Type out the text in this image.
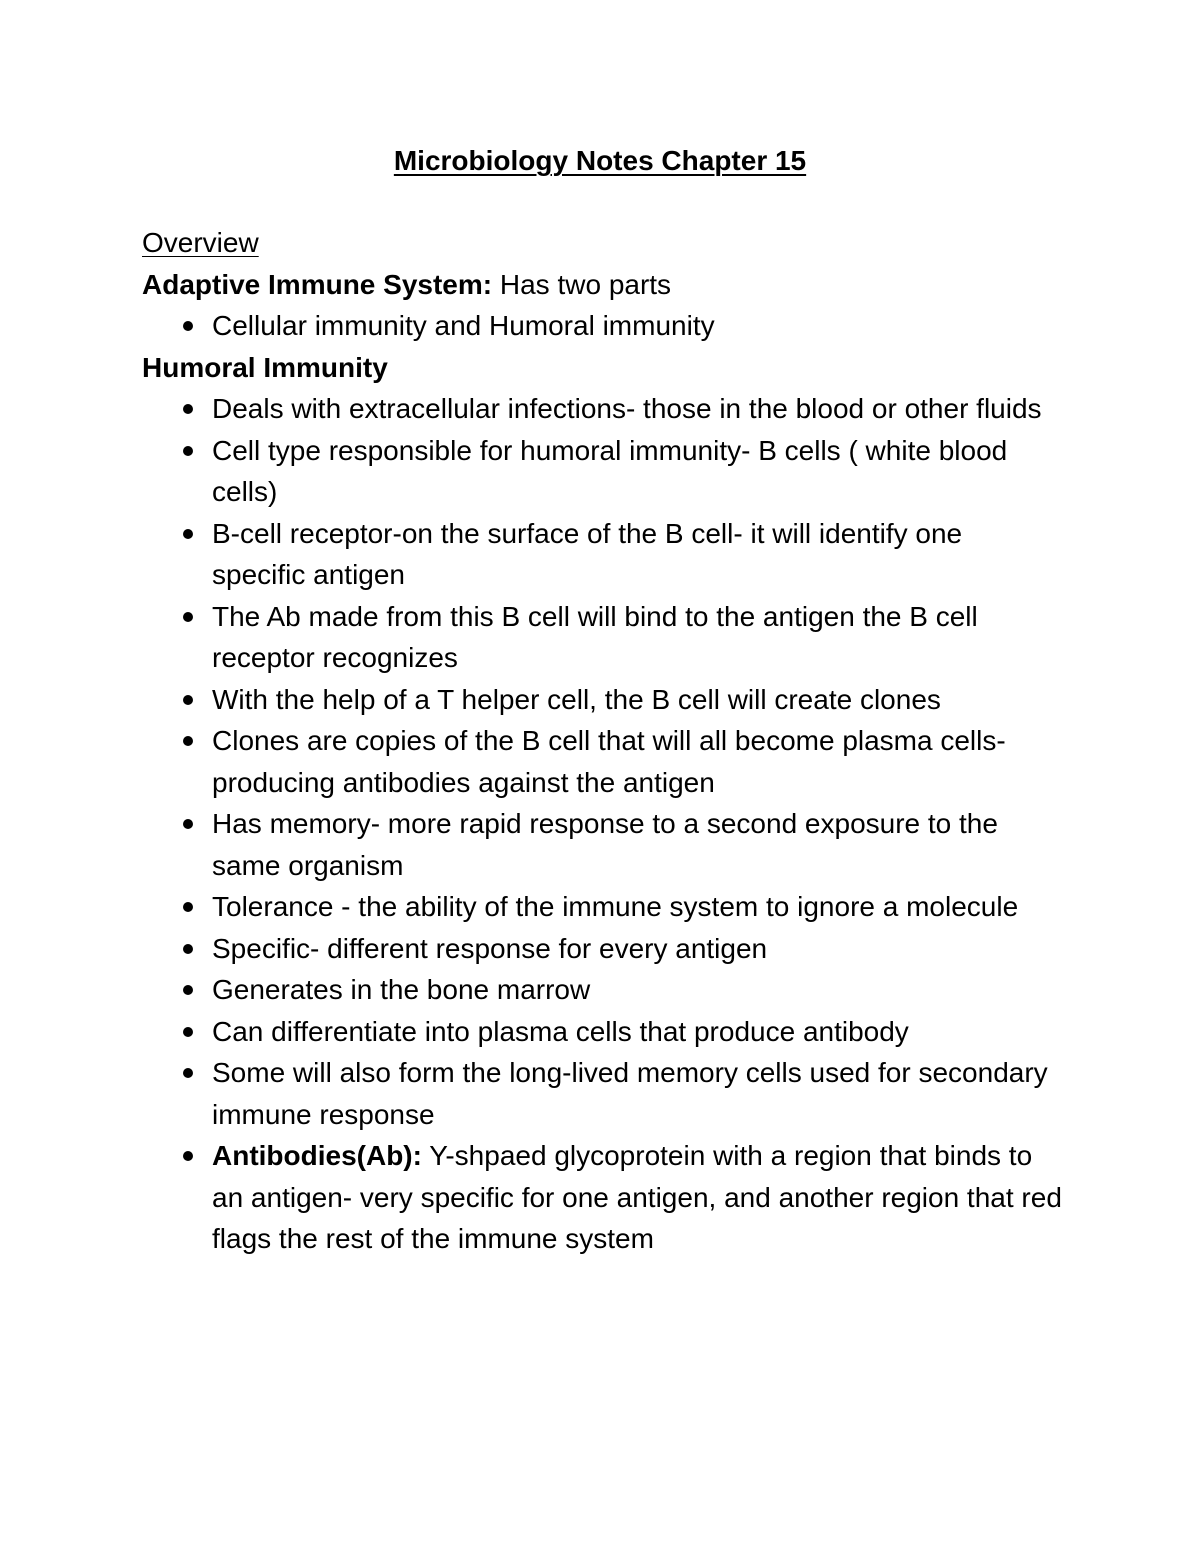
Microbiology Notes Chapter 15

Overview

Adaptive Immune System: Has two parts

Cellular immunity and Humoral immunity

Humoral Immunity

Deals with extracellular infections- those in the blood or other fluids
Cell type responsible for humoral immunity- B cells ( white blood cells)
B-cell receptor-on the surface of the B cell- it will identify one specific antigen
The Ab made from this B cell will bind to the antigen the B cell receptor recognizes
With the help of a T helper cell, the B cell will create clones
Clones are copies of the B cell that will all become plasma cells- producing antibodies against the antigen
Has memory- more rapid response to a second exposure to the same organism
Tolerance - the ability of the immune system to ignore a molecule
Specific- different response for every antigen
Generates in the bone marrow
Can differentiate into plasma cells that produce antibody
Some will also form the long-lived memory cells used for secondary immune response
Antibodies(Ab): Y-shpaed glycoprotein with a region that binds to an antigen- very specific for one antigen, and another region that red flags the rest of the immune system
